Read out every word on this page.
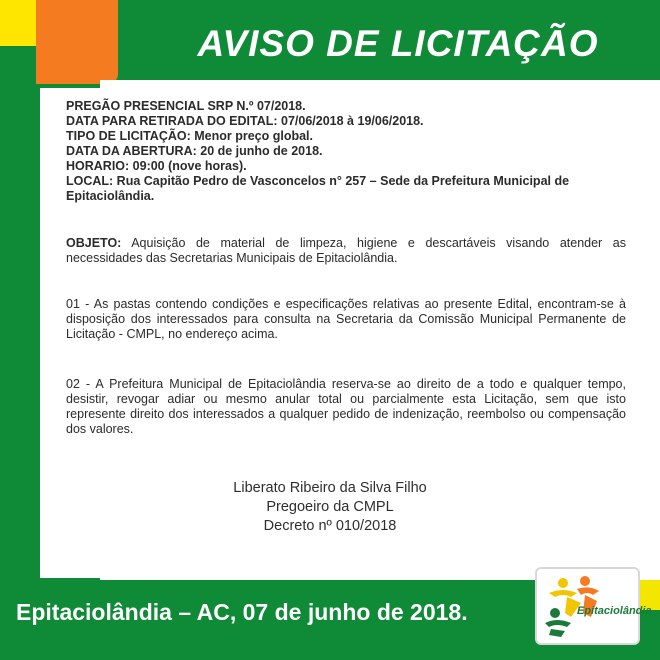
AVISO DE LICITAÇÃO
PREGÃO PRESENCIAL SRP N.º 07/2018.
DATA PARA RETIRADA DO EDITAL: 07/06/2018 à 19/06/2018.
TIPO DE LICITAÇÃO: Menor preço global.
DATA DA ABERTURA: 20 de junho de 2018.
HORARIO: 09:00 (nove horas).
LOCAL: Rua Capitão Pedro de Vasconcelos n° 257 – Sede da Prefeitura Municipal de Epitaciolândia.
OBJETO: Aquisição de material de limpeza, higiene e descartáveis visando atender as necessidades das Secretarias Municipais de Epitaciolândia.
01 - As pastas contendo condições e especificações relativas ao presente Edital, encontram-se à disposição dos interessados para consulta na Secretaria da Comissão Municipal Permanente de Licitação - CMPL, no endereço acima.
02 - A Prefeitura Municipal de Epitaciolândia reserva-se ao direito de a todo e qualquer tempo, desistir, revogar adiar ou mesmo anular total ou parcialmente esta Licitação, sem que isto represente direito dos interessados a qualquer pedido de indenização, reembolso ou compensação dos valores.
Liberato Ribeiro da Silva Filho
Pregoeiro da CMPL
Decreto nº 010/2018
Epitaciolândia – AC, 07 de junho de 2018.	Epitaciolândia
